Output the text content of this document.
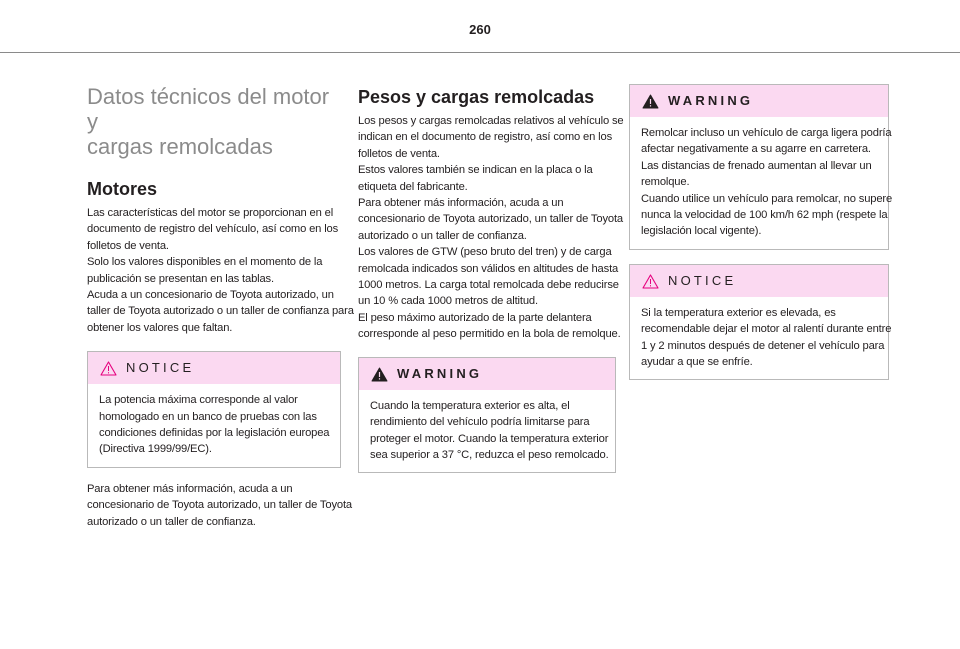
260
Datos técnicos del motor y
cargas remolcadas
Motores
Las características del motor se proporcionan en el
documento de registro del vehículo, así como en los
folletos de venta.
Solo los valores disponibles en el momento de la
publicación se presentan en las tablas.
Acuda a un concesionario de Toyota autorizado, un
taller de Toyota autorizado o un taller de confianza para
obtener los valores que faltan.
NOTICE
La potencia máxima corresponde al valor
homologado en un banco de pruebas con las
condiciones definidas por la legislación europea
(Directiva 1999/99/EC).
Para obtener más información, acuda a un
concesionario de Toyota autorizado, un taller de Toyota
autorizado o un taller de confianza.
Pesos y cargas remolcadas
Los pesos y cargas remolcadas relativos al vehículo se
indican en el documento de registro, así como en los
folletos de venta.
Estos valores también se indican en la placa o la
etiqueta del fabricante.
Para obtener más información, acuda a un
concesionario de Toyota autorizado, un taller de Toyota
autorizado o un taller de confianza.
Los valores de GTW (peso bruto del tren) y de carga
remolcada indicados son válidos en altitudes de hasta
1000 metros. La carga total remolcada debe reducirse
un 10 % cada 1000 metros de altitud.
El peso máximo autorizado de la parte delantera
corresponde al peso permitido en la bola de remolque.
WARNING
Cuando la temperatura exterior es alta, el
rendimiento del vehículo podría limitarse para
proteger el motor. Cuando la temperatura exterior
sea superior a 37 °C, reduzca el peso remolcado.
WARNING
Remolcar incluso un vehículo de carga ligera podría
afectar negativamente a su agarre en carretera.
Las distancias de frenado aumentan al llevar un
remolque.
Cuando utilice un vehículo para remolcar, no supere
nunca la velocidad de 100 km/h 62 mph (respete la
legislación local vigente).
NOTICE
Si la temperatura exterior es elevada, es
recomendable dejar el motor al ralentí durante entre
1 y 2 minutos después de detener el vehículo para
ayudar a que se enfríe.
